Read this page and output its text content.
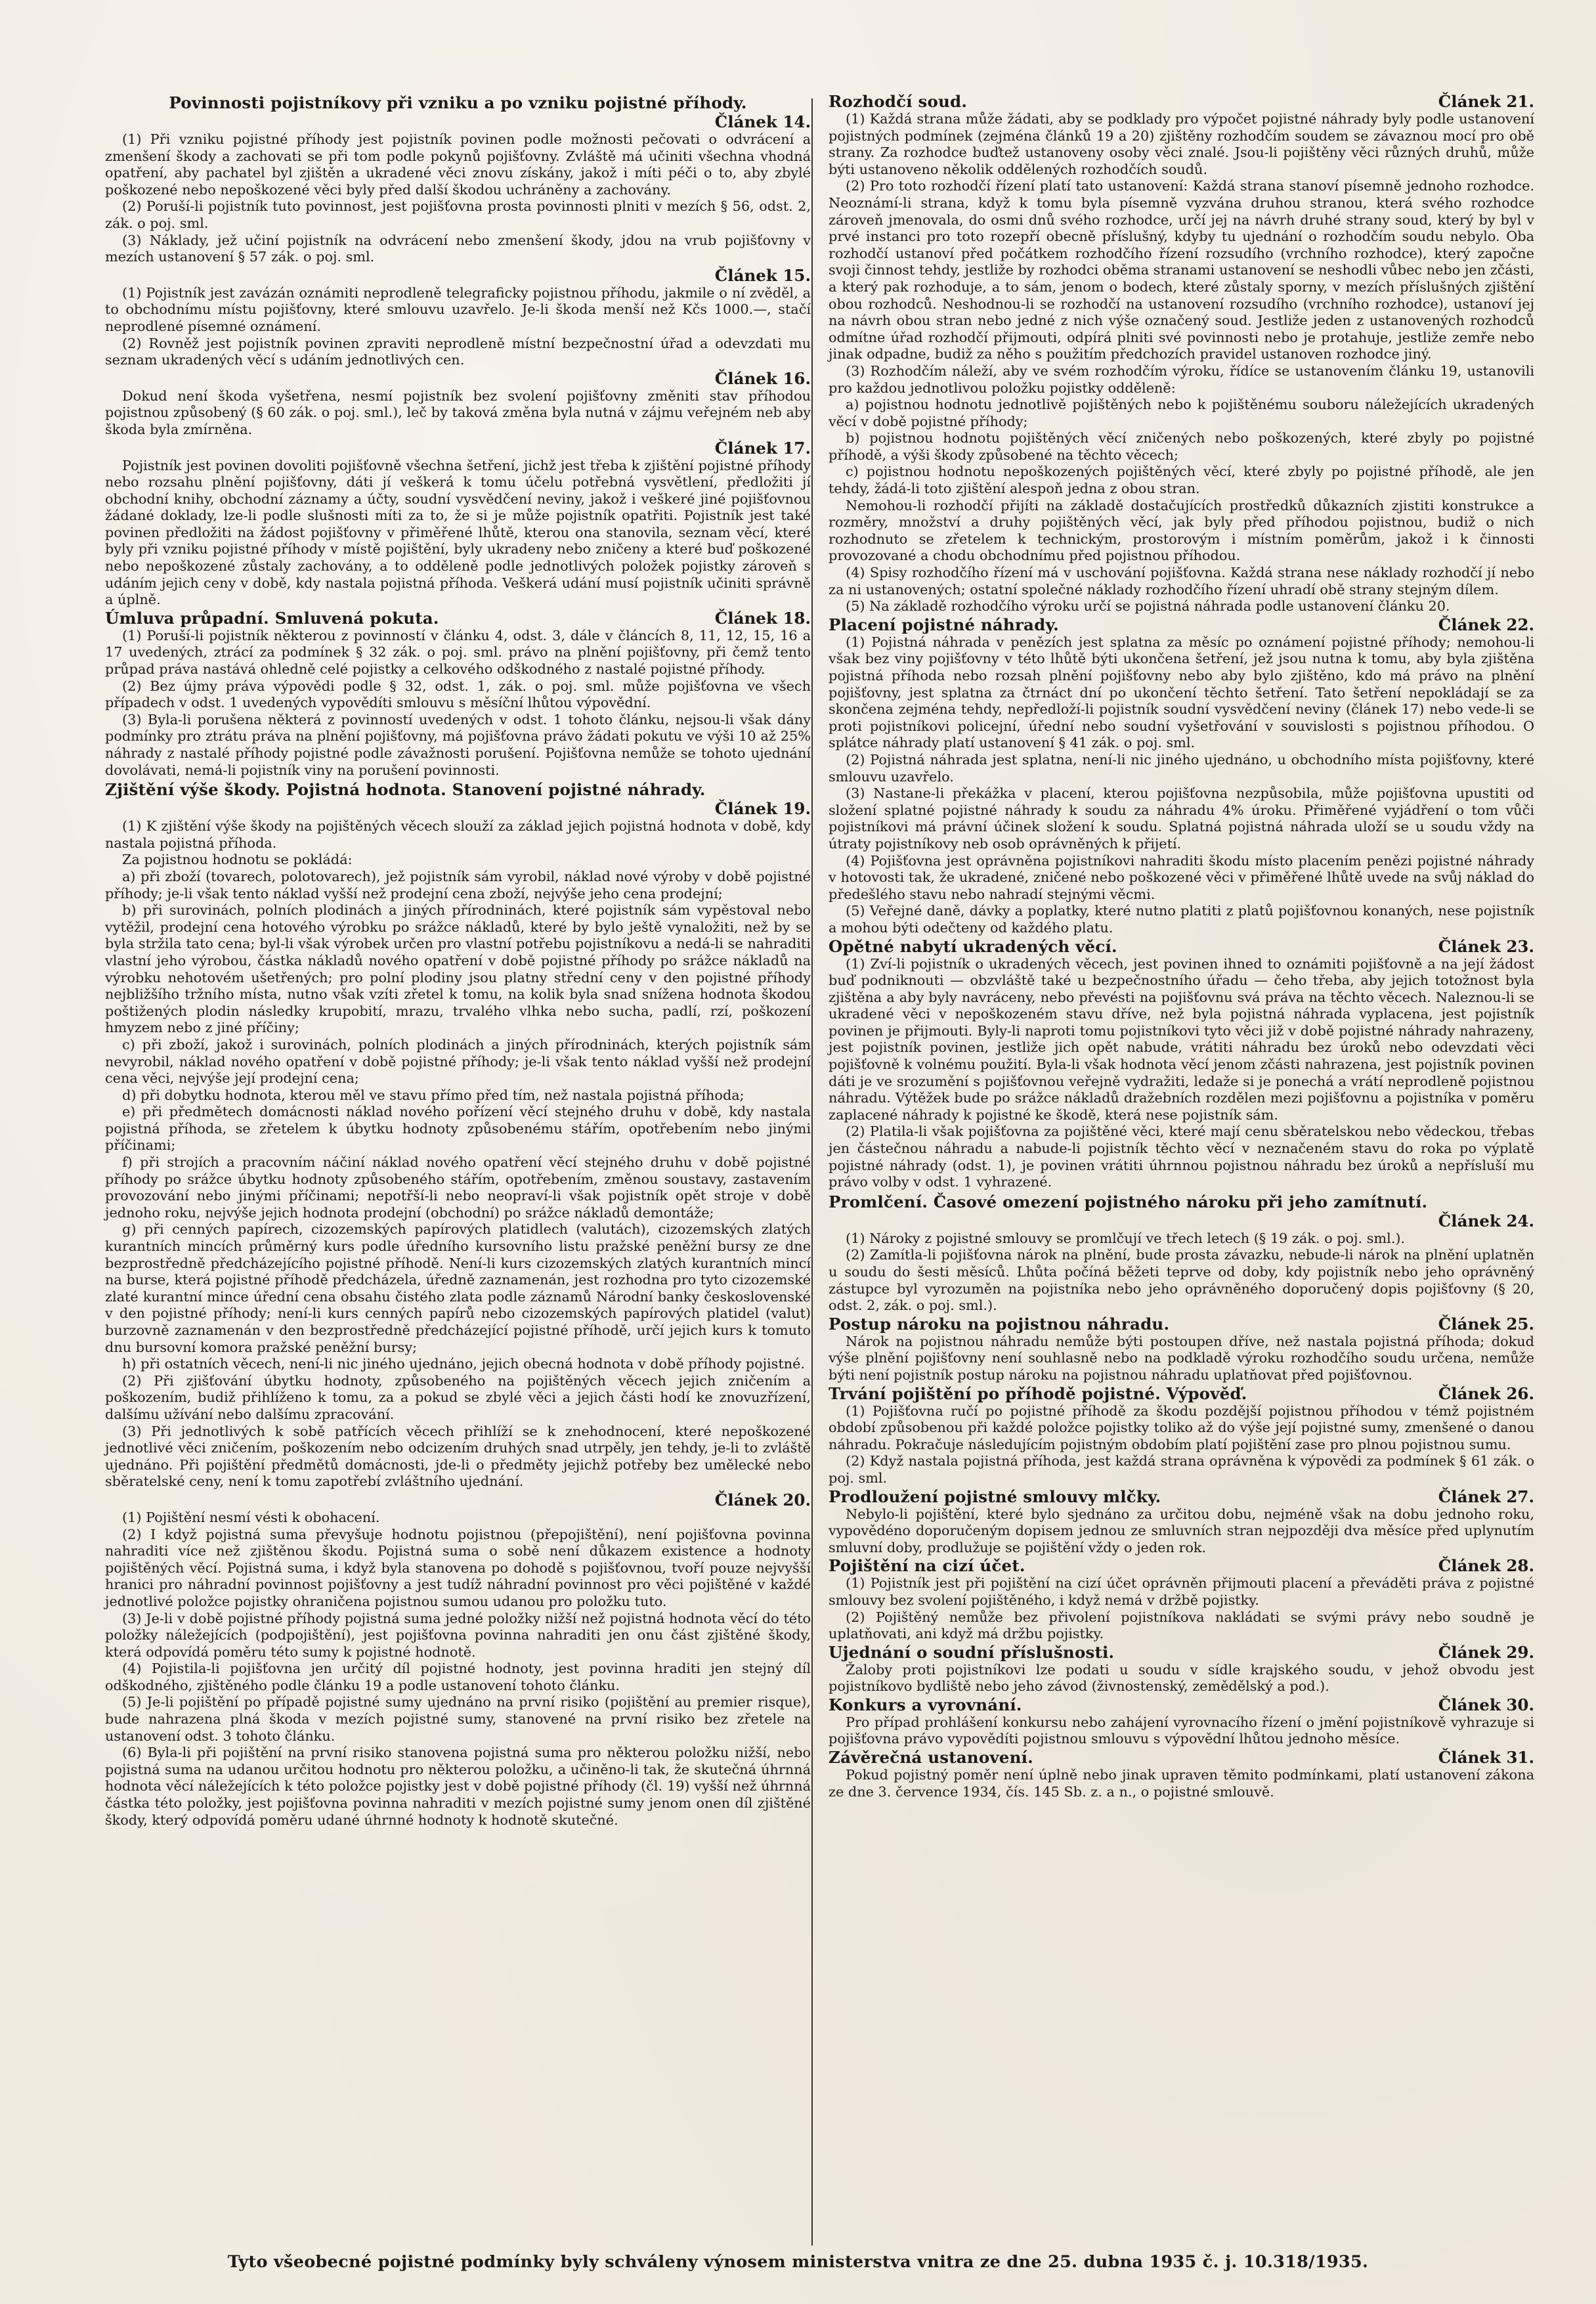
Povinnosti pojistníkovy při vzniku a po vzniku pojistné příhody.
Článek 14.

(1) Při vzniku pojistné příhody jest pojistník povinen podle možnosti pečovati o odvrácení a zmenšení škody a zachovati se při tom podle pokynů pojišťovny. Zvláště má učiniti všechna vhodná opatření, aby pachatel byl zjištěn a ukradené věci znovu získány, jakož i míti péči o to, aby zbylé poškozené nebo nepoškozené věci byly před další škodou uchráněny a zachovány.

(2) Poruší-li pojistník tuto povinnost, jest pojišťovna prosta povinnosti plniti v mezích § 56, odst. 2, zák. o poj. sml.

(3) Náklady, jež učiní pojistník na odvrácení nebo zmenšení škody, jdou na vrub pojišťovny v mezích ustanovení § 57 zák. o poj. sml.

Článek 15.

(1) Pojistník jest zavázán oznámiti neprodleně telegraficky pojistnou příhodu, jakmile o ní zvěděl, a to obchodnímu místu pojišťovny, které smlouvu uzavřelo. Je-li škoda menší než Kčs 1000.—, stačí neprodlené písemné oznámení.

(2) Rovněž jest pojistník povinen zpraviti neprodleně místní bezpečnostní úřad a odevzdati mu seznam ukradených věcí s udáním jednotlivých cen.

Článek 16.

Dokud není škoda vyšetřena, nesmí pojistník bez svolení pojišťovny změniti stav příhodou pojistnou způsobený (§ 60 zák. o poj. sml.), leč by taková změna byla nutná v zájmu veřejném neb aby škoda byla zmírněna.

Článek 17.

Pojistník jest povinen dovoliti pojišťovně všechna šetření, jichž jest třeba k zjištění pojistné příhody nebo rozsahu plnění pojišťovny, dáti jí veškerá k tomu účelu potřebná vysvětlení, předložiti jí obchodní knihy, obchodní záznamy a účty, soudní vysvědčení neviny, jakož i veškeré jiné pojišťovnou žádané doklady, lze-li podle slušnosti míti za to, že si je může pojistník opatřiti. Pojistník jest také povinen předložiti na žádost pojišťovny v přiměřené lhůtě, kterou ona stanovila, seznam věcí, které byly při vzniku pojistné příhody v místě pojištění, byly ukradeny nebo zničeny a které buď poškozené nebo nepoškozené zůstaly zachovány, a to odděleně podle jednotlivých položek pojistky zároveň s udáním jejich ceny v době, kdy nastala pojistná příhoda. Veškerá udání musí pojistník učiniti správně a úplně.

Úmluva průpadní. Smluvená pokuta.	Článek 18.

(1) Poruší-li pojistník některou z povinností v článku 4, odst. 3, dále v článcích 8, 11, 12, 15, 16 a 17 uvedených, ztrácí za podmínek § 32 zák. o poj. sml. právo na plnění pojišťovny, při čemž tento průpad práva nastává ohledně celé pojistky a celkového odškodného z nastalé pojistné příhody.

(2) Bez újmy práva výpovědi podle § 32, odst. 1, zák. o poj. sml. může pojišťovna ve všech případech v odst. 1 uvedených vypovědíti smlouvu s měsíční lhůtou výpovědní.

(3) Byla-li porušena některá z povinností uvedených v odst. 1 tohoto článku, nejsou-li však dány podmínky pro ztrátu práva na plnění pojišťovny, má pojišťovna právo žádati pokutu ve výši 10 až 25% náhrady z nastalé příhody pojistné podle závažnosti porušení. Pojišťovna nemůže se tohoto ujednání dovolávati, nemá-li pojistník viny na porušení povinnosti.

Zjištění výše škody. Pojistná hodnota. Stanovení pojistné náhrady.
Článek 19.

(1) K zjištění výše škody na pojištěných věcech slouží za základ jejich pojistná hodnota v době, kdy nastala pojistná příhoda.

Za pojistnou hodnotu se pokládá:

a) při zboží (tovarech, polotovarech), jež pojistník sám vyrobil, náklad nové výroby v době pojistné příhody; je-li však tento náklad vyšší než prodejní cena zboží, nejvýše jeho cena prodejní;

b) při surovinách, polních plodinách a jiných přírodninách, které pojistník sám vypěstoval nebo vytěžil, prodejní cena hotového výrobku po srážce nákladů, které by bylo ještě vynaložiti, než by se byla stržila tato cena; byl-li však výrobek určen pro vlastní potřebu pojistníkovu a nedá-li se nahraditi vlastní jeho výrobou, částka nákladů nového opatření v době pojistné příhody po srážce nákladů na výrobku nehotovém ušetřených; pro polní plodiny jsou platny střední ceny v den pojistné příhody nejbližšího tržního místa, nutno však vzíti zřetel k tomu, na kolik byla snad snížena hodnota škodou poštižených plodin následky krupobití, mrazu, trvalého vlhka nebo sucha, padlí, rzí, poškození hmyzem nebo z jiné příčiny;

c) při zboží, jakož i surovinách, polních plodinách a jiných přírodninách, kterých pojistník sám nevyrobil, náklad nového opatření v době pojistné příhody; je-li však tento náklad vyšší než prodejní cena věci, nejvýše její prodejní cena;

d) při dobytku hodnota, kterou měl ve stavu přímo před tím, než nastala pojistná příhoda;

e) při předmětech domácnosti náklad nového pořízení věcí stejného druhu v době, kdy nastala pojistná příhoda, se zřetelem k úbytku hodnoty způsobenému stářím, opotřebením nebo jinými příčinami;

f) při strojích a pracovním náčiní náklad nového opatření věcí stejného druhu v době pojistné příhody po srážce úbytku hodnoty způsobeného stářím, opotřebením, změnou soustavy, zastavením provozování nebo jinými příčinami; nepotřší-li nebo neopraví-li však pojistník opět stroje v době jednoho roku, nejvýše jejich hodnota prodejní (obchodní) po srážce nákladů demontáže;

g) při cenných papírech, cizozemských papírových platidlech (valutách), cizozemských zlatých kurantních mincích průměrný kurs podle úředního kursovního listu pražské peněžní bursy ze dne bezprostředně předcházejícího pojistné příhodě. Není-li kurs cizozemských zlatých kurantních mincí na burse, která pojistné příhodě předcházela, úředně zaznamenán, jest rozhodna pro tyto cizozemské zlaté kurantní mince úřední cena obsahu čistého zlata podle záznamů Národní banky československé v den pojistné příhody; není-li kurs cenných papírů nebo cizozemských papírových platidel (valut) burzovně zaznamenán v den bezprostředně předcházející pojistné příhodě, určí jejich kurs k tomuto dnu bursovní komora pražské peněžní bursy;

h) při ostatních věcech, není-li nic jiného ujednáno, jejich obecná hodnota v době příhody pojistné.

(2) Při zjišťování úbytku hodnoty, způsobeného na pojištěných věcech jejich zničením a poškozením, budiž přihlíženo k tomu, za a pokud se zbylé věci a jejich části hodí ke znovuzřízení, dalšímu užívání nebo dalšímu zpracování.

(3) Při jednotlivých k sobě patřících věcech přihlíží se k znehodnocení, které nepoškozené jednotlivé věci zničením, poškozením nebo odcizením druhých snad utrpěly, jen tehdy, je-li to zvláště ujednáno. Při pojištění předmětů domácnosti, jde-li o předměty jejichž potřeby bez umělecké nebo sběratelské ceny, není k tomu zapotřebí zvláštního ujednání.

Článek 20.

(1) Pojištění nesmí vésti k obohacení.

(2) I když pojistná suma převyšuje hodnotu pojistnou (přepojištění), není pojišťovna povinna nahraditi více než zjištěnou škodu. Pojistná suma o sobě není důkazem existence a hodnoty pojištěných věcí. Pojistná suma, i když byla stanovena po dohodě s pojišťovnou, tvoří pouze nejvyšší hranici pro náhradní povinnost pojišťovny a jest tudíž náhradní povinnost pro věci pojištěné v každé jednotlivé položce pojistky ohraničena pojistnou sumou udanou pro položku tuto.

(3) Je-li v době pojistné příhody pojistná suma jedné položky nižší než pojistná hodnota věcí do této položky náležejících (podpojištění), jest pojišťovna povinna nahraditi jen onu část zjištěné škody, která odpovídá poměru této sumy k pojistné hodnotě.

(4) Pojistila-li pojišťovna jen určitý díl pojistné hodnoty, jest povinna hraditi jen stejný díl odškodného, zjištěného podle článku 19 a podle ustanovení tohoto článku.

(5) Je-li pojištění po případě pojistné sumy ujednáno na první risiko (pojištění au premier risque), bude nahrazena plná škoda v mezích pojistné sumy, stanovené na první risiko bez zřetele na ustanovení odst. 3 tohoto článku.

(6) Byla-li při pojištění na první risiko stanovena pojistná suma pro některou položku nižší, nebo pojistná suma na udanou určitou hodnotu pro některou položku, a učiněno-li tak, že skutečná úhrnná hodnota věcí náležejících k této položce pojistky jest v době pojistné příhody (čl. 19) vyšší než úhrnná částka této položky, jest pojišťovna povinna nahraditi v mezích pojistné sumy jenom onen díl zjištěné škody, který odpovídá poměru udané úhrnné hodnoty k hodnotě skutečné.

Rozhodčí soud.	Článek 21.

(1) Každá strana může žádati, aby se podklady pro výpočet pojistné náhrady byly podle ustanovení pojistných podmínek (zejména článků 19 a 20) zjištěny rozhodčím soudem se závaznou mocí pro obě strany. Za rozhodce buďtež ustanoveny osoby věci znalé. Jsou-li pojištěny věci různých druhů, může býti ustanoveno několik oddělených rozhodčích soudů.

(2) Pro toto rozhodčí řízení platí tato ustanovení: Každá strana stanoví písemně jednoho rozhodce. Neoznámí-li strana, když k tomu byla písemně vyzvána druhou stranou, která svého rozhodce zároveň jmenovala, do osmi dnů svého rozhodce, určí jej na návrh druhé strany soud, který by byl v prvé instanci pro toto rozepří obecně příslušný, kdyby tu ujednání o rozhodčím soudu nebylo. Oba rozhodčí ustanoví před počátkem rozhodčího řízení rozsudího (vrchního rozhodce), který započne svoji činnost tehdy, jestliže by rozhodci oběma stranami ustanovení se neshodli vůbec nebo jen zčásti, a který pak rozhoduje, a to sám, jenom o bodech, které zůstaly sporny, v mezích příslušných zjištění obou rozhodců. Neshodnou-li se rozhodčí na ustanovení rozsudího (vrchního rozhodce), ustanoví jej na návrh obou stran nebo jedné z nich výše označený soud. Jestliže jeden z ustanovených rozhodců odmítne úřad rozhodčí přijmouti, odpírá plniti své povinnosti nebo je protahuje, jestliže zemře nebo jinak odpadne, budiž za něho s použitím předchozích pravidel ustanoven rozhodce jiný.

(3) Rozhodčím náleží, aby ve svém rozhodčím výroku, řídíce se ustanovením článku 19, ustanovili pro každou jednotlivou položku pojistky odděleně:

a) pojistnou hodnotu jednotlivě pojištěných nebo k pojištěnému souboru náležejících ukradených věcí v době pojistné příhody;

b) pojistnou hodnotu pojištěných věcí zničených nebo poškozených, které zbyly po pojistné příhodě, a výši škody způsobené na těchto věcech;

c) pojistnou hodnotu nepoškozených pojištěných věcí, které zbyly po pojistné příhodě, ale jen tehdy, žádá-li toto zjištění alespoň jedna z obou stran.

Nemohou-li rozhodčí přijíti na základě dostačujících prostředků důkazních zjistiti konstrukce a rozměry, množství a druhy pojištěných věcí, jak byly před příhodou pojistnou, budiž o nich rozhodnuto se zřetelem k technickým, prostorovým i místním poměrům, jakož i k činnosti provozované a chodu obchodnímu před pojistnou příhodou.

(4) Spisy rozhodčího řízení má v uschování pojišťovna. Každá strana nese náklady rozhodčí jí nebo za ni ustanovených; ostatní společné náklady rozhodčího řízení uhradí obě strany stejným dílem.

(5) Na základě rozhodčího výroku určí se pojistná náhrada podle ustanovení článku 20.

Placení pojistné náhrady.	Článek 22.

(1) Pojistná náhrada v penězích jest splatna za měsíc po oznámení pojistné příhody; nemohou-li však bez viny pojišťovny v této lhůtě býti ukončena šetření, jež jsou nutna k tomu, aby byla zjištěna pojistná příhoda nebo rozsah plnění pojišťovny nebo aby bylo zjištěno, kdo má právo na plnění pojišťovny, jest splatna za čtrnáct dní po ukončení těchto šetření. Tato šetření nepokládají se za skončena zejména tehdy, nepředloží-li pojistník soudní vysvědčení neviny (článek 17) nebo vede-li se proti pojistníkovi policejní, úřední nebo soudní vyšetřování v souvislosti s pojistnou příhodou. O splátce náhrady platí ustanovení § 41 zák. o poj. sml.

(2) Pojistná náhrada jest splatna, není-li nic jiného ujednáno, u obchodního místa pojišťovny, které smlouvu uzavřelo.

(3) Nastane-li překážka v placení, kterou pojišťovna nezpůsobila, může pojišťovna upustiti od složení splatné pojistné náhrady k soudu za náhradu 4% úroku. Přiměřené vyjádření o tom vůči pojistníkovi má právní účinek složení k soudu. Splatná pojistná náhrada uloží se u soudu vždy na útraty pojistníkovy neb osob oprávněných k přijetí.

(4) Pojišťovna jest oprávněna pojistníkovi nahraditi škodu místo placením penězi pojistné náhrady v hotovosti tak, že ukradené, zničené nebo poškozené věci v přiměřené lhůtě uvede na svůj náklad do předešlého stavu nebo nahradí stejnými věcmi.

(5) Veřejné daně, dávky a poplatky, které nutno platiti z platů pojišťovnou konaných, nese pojistník a mohou býti odečteny od každého platu.

Opětné nabytí ukradených věcí.	Článek 23.

(1) Zví-li pojistník o ukradených věcech, jest povinen ihned to oznámiti pojišťovně a na její žádost buď podniknouti — obzvláště také u bezpečnostního úřadu — čeho třeba, aby jejich totožnost byla zjištěna a aby byly navráceny, nebo převésti na pojišťovnu svá práva na těchto věcech. Naleznou-li se ukradené věci v nepoškozeném stavu dříve, než byla pojistná náhrada vyplacena, jest pojistník povinen je přijmouti. Byly-li naproti tomu pojistníkovi tyto věci již v době pojistné náhrady nahrazeny, jest pojistník povinen, jestliže jich opět nabude, vrátiti náhradu bez úroků nebo odevzdati věci pojišťovně k volnému použití. Byla-li však hodnota věcí jenom zčásti nahrazena, jest pojistník povinen dáti je ve srozumění s pojišťovnou veřejně vydražiti, ledaže si je ponechá a vrátí neprodleně pojistnou náhradu. Výtěžek bude po srážce nákladů dražebních rozdělen mezi pojišťovnu a pojistníka v poměru zaplacené náhrady k pojistné ke škodě, která nese pojistník sám.

(2) Platila-li však pojišťovna za pojištěné věci, které mají cenu sběratelskou nebo vědeckou, třebas jen částečnou náhradu a nabude-li pojistník těchto věcí v neznačeném stavu do roka po výplatě pojistné náhrady (odst. 1), je povinen vrátiti úhrnnou pojistnou náhradu bez úroků a nepřísluší mu právo volby v odst. 1 vyhrazené.

Promlčení. Časové omezení pojistného nároku při jeho zamítnutí.
Článek 24.

(1) Nároky z pojistné smlouvy se promlčují ve třech letech (§ 19 zák. o poj. sml.).

(2) Zamítla-li pojišťovna nárok na plnění, bude prosta závazku, nebude-li nárok na plnění uplatněn u soudu do šesti měsíců. Lhůta počíná běžeti teprve od doby, kdy pojistník nebo jeho oprávněný zástupce byl vyrozuměn na pojistníka nebo jeho oprávněného doporučený dopis pojišťovny (§ 20, odst. 2, zák. o poj. sml.).

Postup nároku na pojistnou náhradu.	Článek 25.

Nárok na pojistnou náhradu nemůže býti postoupen dříve, než nastala pojistná příhoda; dokud výše plnění pojišťovny není souhlasně nebo na podkladě výroku rozhodčího soudu určena, nemůže býti není pojistník postup nároku na pojistnou náhradu uplatňovat před pojišťovnou.

Trvání pojištění po příhodě pojistné. Výpověď.	Článek 26.

(1) Pojišťovna ručí po pojistné příhodě za škodu pozdější pojistnou příhodou v témž pojistném období způsobenou při každé položce pojistky toliko až do výše její pojistné sumy, zmenšené o danou náhradu. Pokračuje následujícím pojistným obdobím platí pojištění zase pro plnou pojistnou sumu.

(2) Když nastala pojistná příhoda, jest každá strana oprávněna k výpovědi za podmínek § 61 zák. o poj. sml.

Prodloužení pojistné smlouvy mlčky.	Článek 27.

Nebylo-li pojištění, které bylo sjednáno za určitou dobu, nejméně však na dobu jednoho roku, vypovědéno doporučeným dopisem jednou ze smluvních stran nejpozději dva měsíce před uplynutím smluvní doby, prodlužuje se pojištění vždy o jeden rok.

Pojištění na cizí účet.	Článek 28.

(1) Pojistník jest při pojištění na cizí účet oprávněn přijmouti placení a převáděti práva z pojistné smlouvy bez svolení pojištěného, i když nemá v držbě pojistky.

(2) Pojištěný nemůže bez přivolení pojistníkova nakládati se svými právy nebo soudně je uplatňovati, ani když má držbu pojistky.

Ujednání o soudní příslušnosti.	Článek 29.

Žaloby proti pojistníkovi lze podati u soudu v sídle krajského soudu, v jehož obvodu jest pojistníkovo bydliště nebo jeho závod (živnostenský, zemědělský a pod.).

Konkurs a vyrovnání.	Článek 30.

Pro případ prohlášení konkursu nebo zahájení vyrovnacího řízení o jmění pojistníkově vyhrazuje si pojišťovna právo vypovědíti pojistnou smlouvu s výpovědní lhůtou jednoho měsíce.

Závěrečná ustanovení.	Článek 31.

Pokud pojistný poměr není úplně nebo jinak upraven těmito podmínkami, platí ustanovení zákona ze dne 3. července 1934, čís. 145 Sb. z. a n., o pojistné smlouvě.

Tyto všeobecné pojistné podmínky byly schváleny výnosem ministerstva vnitra ze dne 25. dubna 1935 č. j. 10.318/1935.
